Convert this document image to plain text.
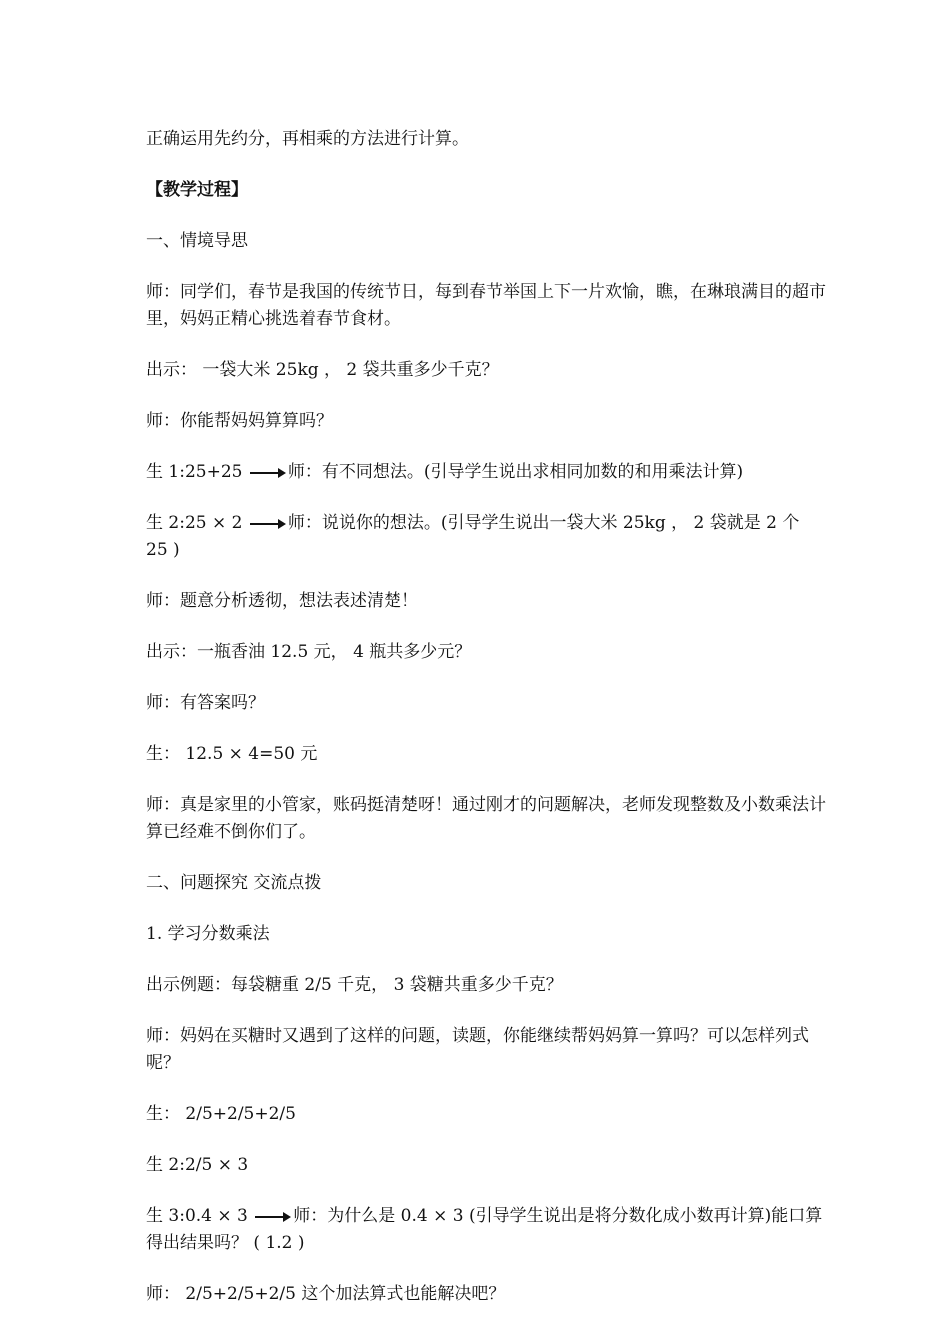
正确运用先约分，再相乘的方法进行计算。

【教学过程】

一、情境导思

师：同学们，春节是我国的传统节日，每到春节举国上下一片欢愉，瞧，在琳琅满目的超市里，妈妈正精心挑选着春节食材。

出示： 一袋大米 25kg ， 2 袋共重多少千克？

师：你能帮妈妈算算吗？

生 1:25+25
师：有不同想法。(引导学生说出求相同加数的和用乘法计算)

生 2:25 × 2
师：说说你的想法。(引导学生说出一袋大米 25kg ， 2 袋就是 2 个 25 )

师：题意分析透彻，想法表述清楚！

出示：一瓶香油 12.5 元， 4 瓶共多少元？

师：有答案吗？

生： 12.5 × 4=50 元

师：真是家里的小管家，账码挺清楚呀！通过刚才的问题解决，老师发现整数及小数乘法计算已经难不倒你们了。

二、问题探究 交流点拨

1. 学习分数乘法

出示例题：每袋糖重 2/5 千克， 3 袋糖共重多少千克？

师：妈妈在买糖时又遇到了这样的问题，读题，你能继续帮妈妈算一算吗？可以怎样列式呢？

生： 2/5+2/5+2/5

生 2:2/5 × 3

生 3:0.4 × 3
师：为什么是 0.4 × 3 (引导学生说出是将分数化成小数再计算)能口算得出结果吗？ ( 1.2 )

师： 2/5+2/5+2/5 这个加法算式也能解决吧？
